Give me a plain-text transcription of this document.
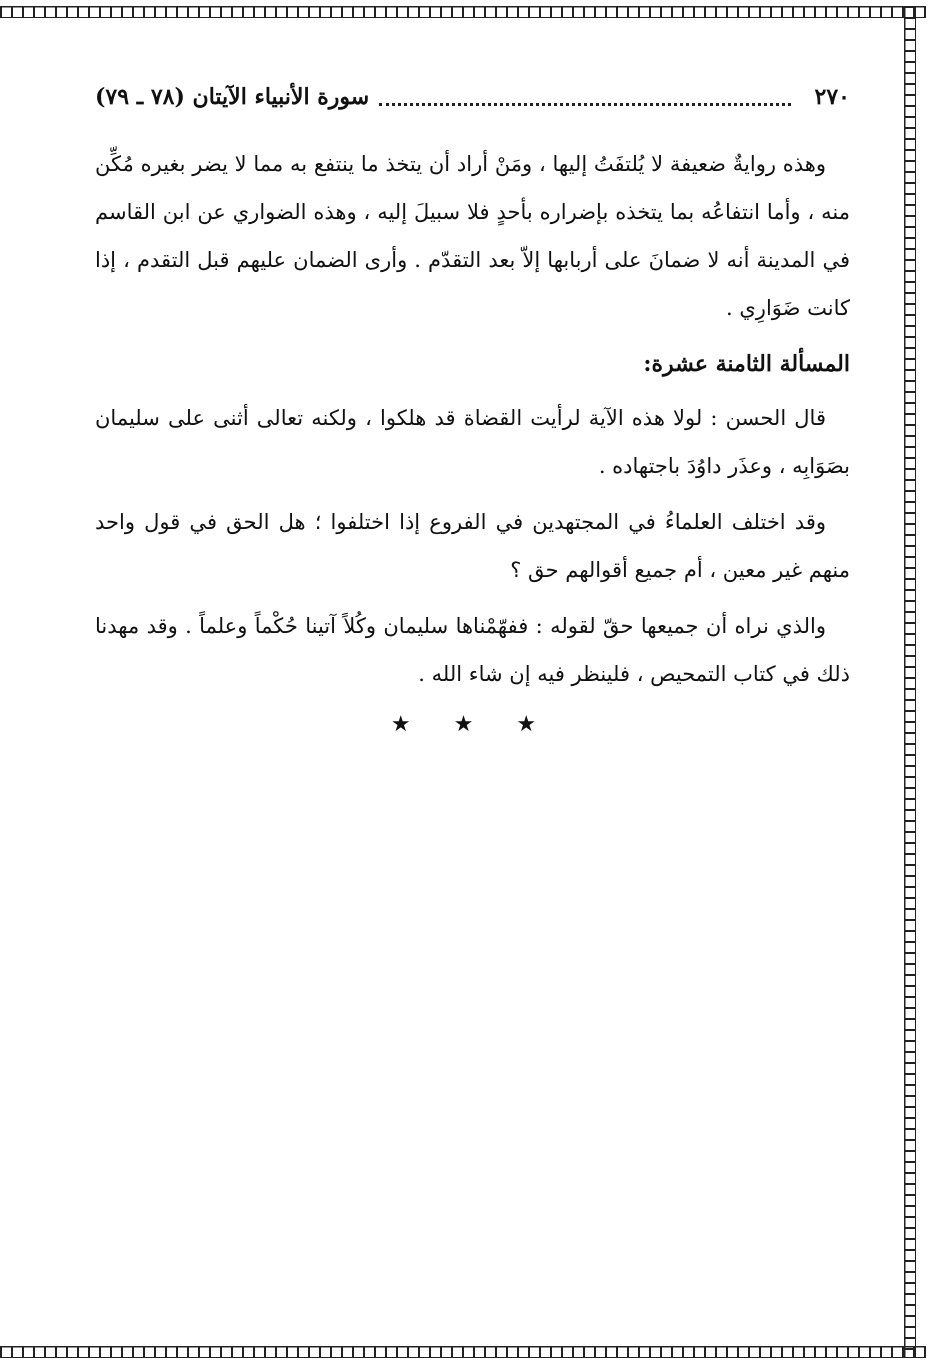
٢٧٠
سورة الأنبياء الآيتان (٧٨ ـ ٧٩)

وهذه روايةٌ ضعيفة لا يُلتفَتُ إليها ، ومَنْ أراد أن يتخذ ما ينتفع به مما لا يضر بغيره مُكِّن منه ، وأما انتفاعُه بما يتخذه بإضراره بأحدٍ فلا سبيلَ إليه ، وهذه الضواري عن ابن القاسم في المدينة أنه لا ضمانَ على أربابها إلاّ بعد التقدّم . وأرى الضمان عليهم قبل التقدم ، إذا كانت ضَوَارِي .

المسألة الثامنة عشرة:

قال الحسن : لولا هذه الآية لرأيت القضاة قد هلكوا ، ولكنه تعالى أثنى على سليمان بصَوَابِه ، وعذَر داوُدَ باجتهاده .

وقد اختلف العلماءُ في المجتهدين في الفروع إذا اختلفوا ؛ هل الحق في قول واحد منهم غير معين ، أم جميع أقوالهم حق ؟

والذي نراه أن جميعها حقّ لقوله : ففهّمْناها سليمان وكُلاً آتينا حُكْماً وعلماً . وقد مهدنا ذلك في كتاب التمحيص ، فلينظر فيه إن شاء الله .

★ ★ ★
